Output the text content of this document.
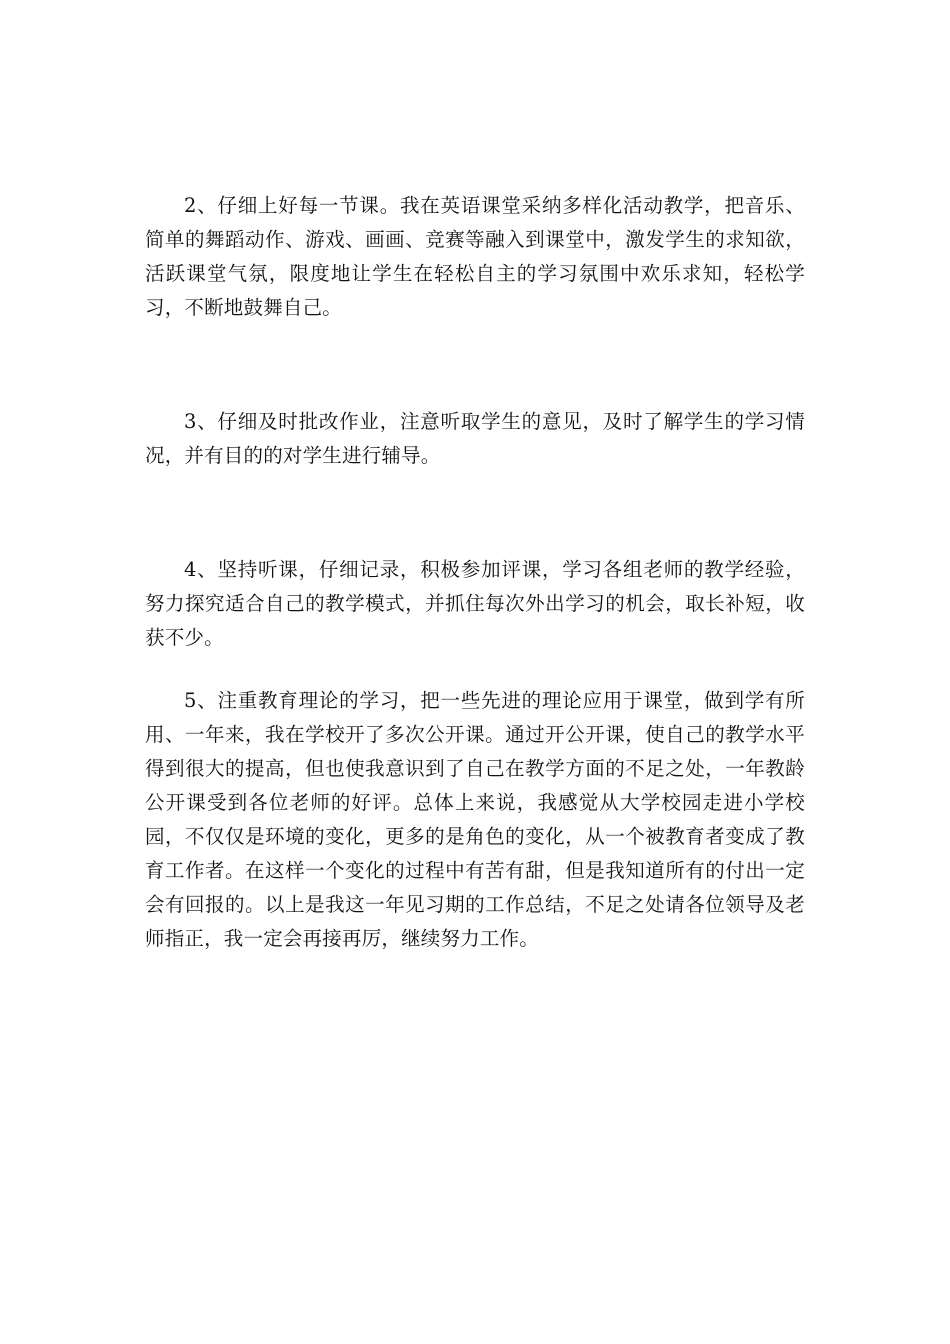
2、仔细上好每一节课。我在英语课堂采纳多样化活动教学，把音乐、简单的舞蹈动作、游戏、画画、竞赛等融入到课堂中，激发学生的求知欲，活跃课堂气氛，限度地让学生在轻松自主的学习氛围中欢乐求知，轻松学习，不断地鼓舞自己。

3、仔细及时批改作业，注意听取学生的意见，及时了解学生的学习情况，并有目的的对学生进行辅导。

4、坚持听课，仔细记录，积极参加评课，学习各组老师的教学经验，努力探究适合自己的教学模式，并抓住每次外出学习的机会，取长补短，收获不少。

5、注重教育理论的学习，把一些先进的理论应用于课堂，做到学有所用、一年来，我在学校开了多次公开课。通过开公开课，使自己的教学水平得到很大的提高，但也使我意识到了自己在教学方面的不足之处，一年教龄公开课受到各位老师的好评。总体上来说，我感觉从大学校园走进小学校园，不仅仅是环境的变化，更多的是角色的变化，从一个被教育者变成了教育工作者。在这样一个变化的过程中有苦有甜，但是我知道所有的付出一定会有回报的。以上是我这一年见习期的工作总结，不足之处请各位领导及老师指正，我一定会再接再厉，继续努力工作。
